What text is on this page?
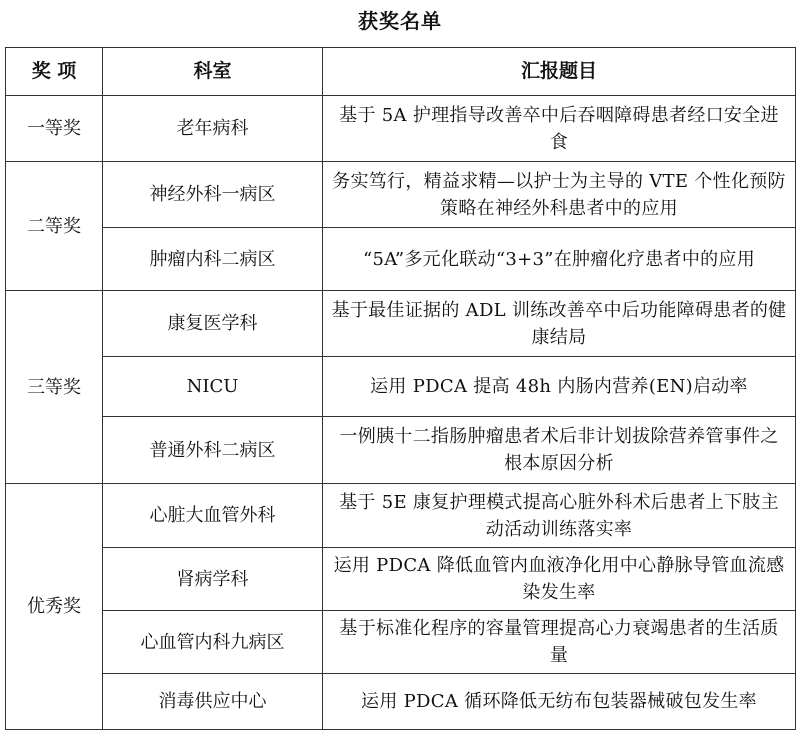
获奖名单
奖 项	科室	汇报题目
一等奖	老年病科	基于 5A 护理指导改善卒中后吞咽障碍患者经口安全进食
二等奖	神经外科一病区	务实笃行，精益求精—以护士为主导的 VTE 个性化预防策略在神经外科患者中的应用
	肿瘤内科二病区	“5A”多元化联动“3+3”在肿瘤化疗患者中的应用
三等奖	康复医学科	基于最佳证据的 ADL 训练改善卒中后功能障碍患者的健康结局
	NICU	运用 PDCA 提高 48h 内肠内营养(EN)启动率
	普通外科二病区	一例胰十二指肠肿瘤患者术后非计划拔除营养管事件之根本原因分析
优秀奖	心脏大血管外科	基于 5E 康复护理模式提高心脏外科术后患者上下肢主动活动训练落实率
	肾病学科	运用 PDCA 降低血管内血液净化用中心静脉导管血流感染发生率
	心血管内科九病区	基于标准化程序的容量管理提高心力衰竭患者的生活质量
	消毒供应中心	运用 PDCA 循环降低无纺布包装器械破包发生率
